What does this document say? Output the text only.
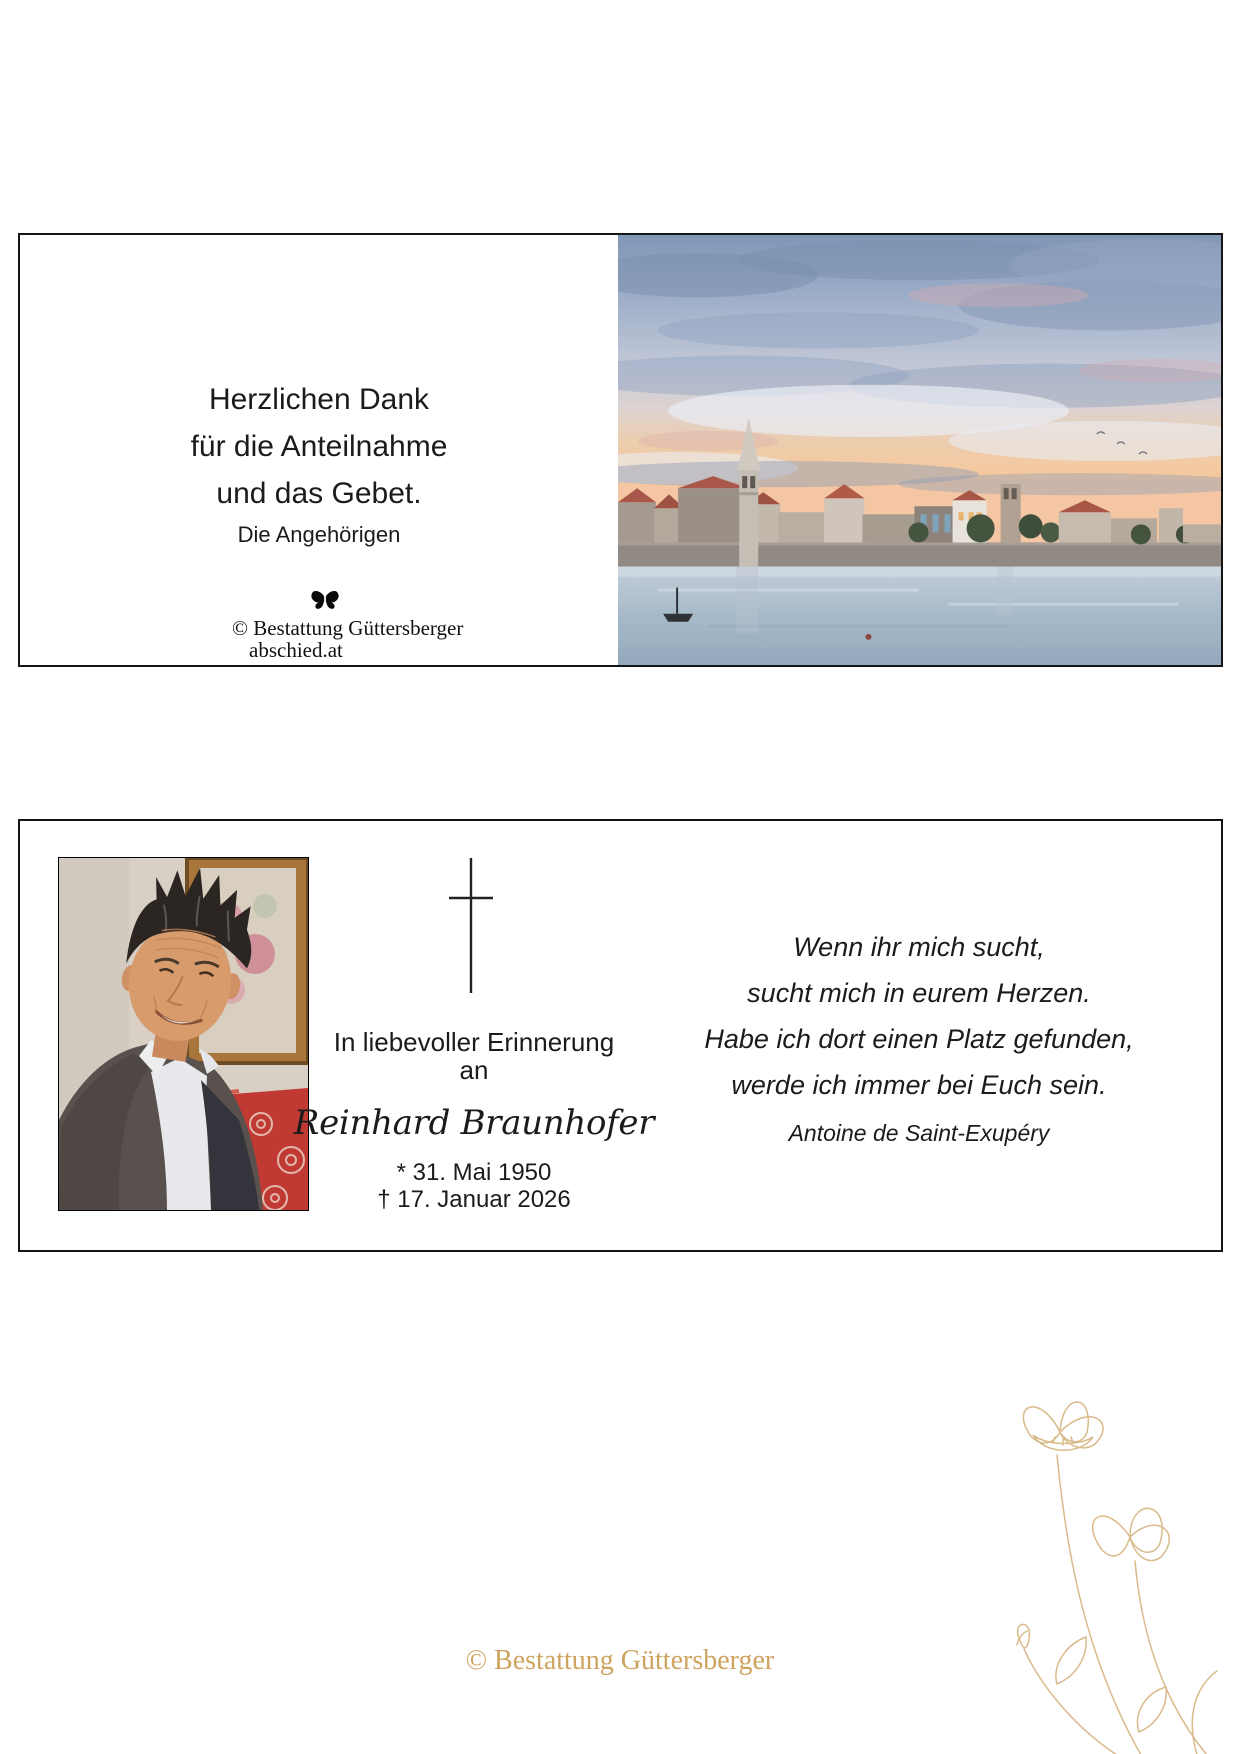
Herzlichen Dank
für die Anteilnahme
und das Gebet.
Die Angehörigen
© Bestattung Güttersberger
abschied.at
In liebevoller Erinnerung
an
Reinhard Braunhofer
* 31. Mai 1950
† 17. Januar 2026
Wenn ihr mich sucht,
sucht mich in eurem Herzen.
Habe ich dort einen Platz gefunden,
werde ich immer bei Euch sein.
Antoine de Saint-Exupéry
© Bestattung Güttersberger
